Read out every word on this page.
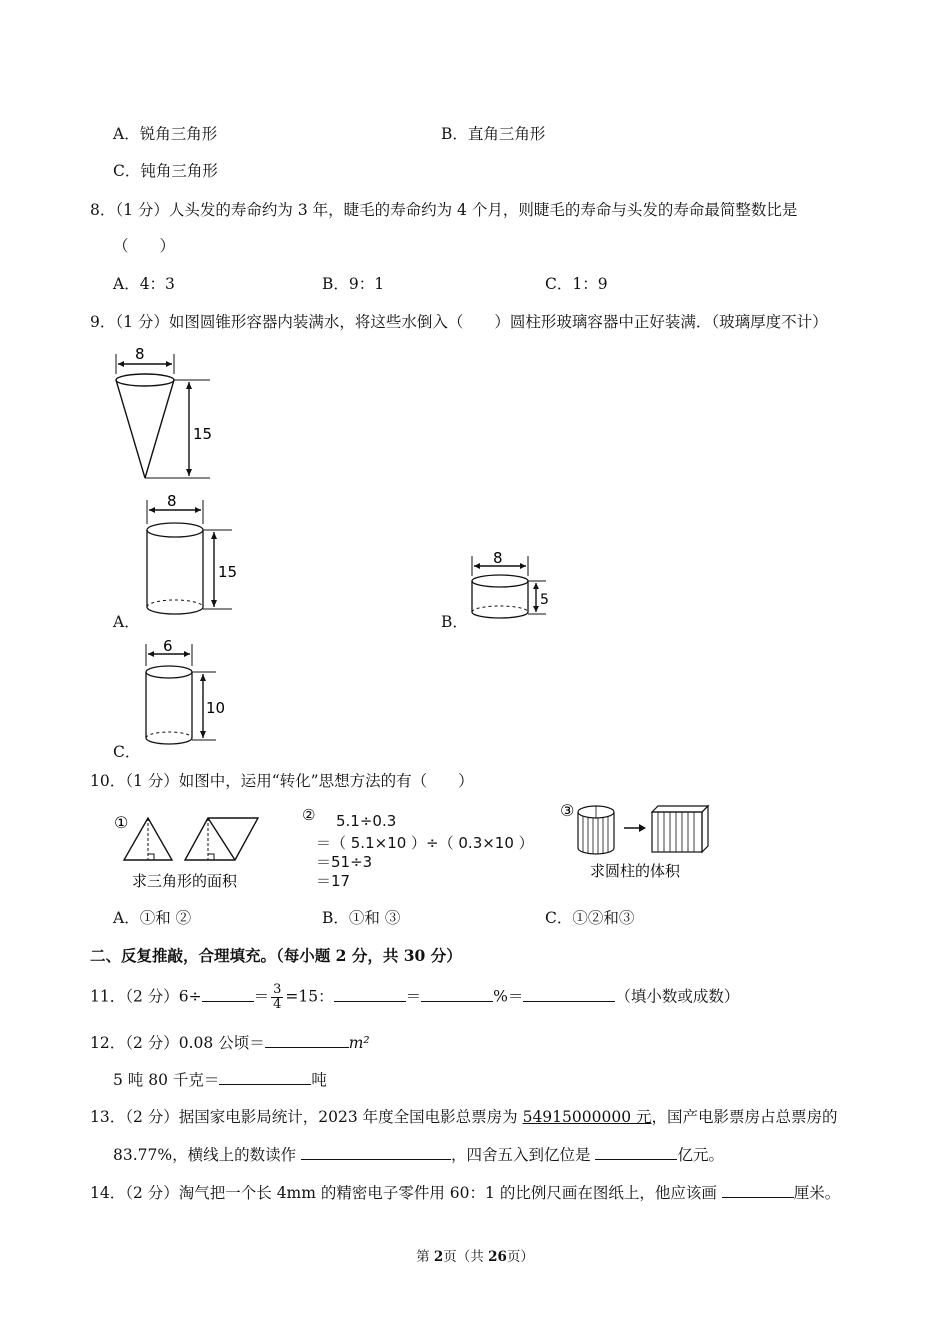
A．锐角三角形	B．直角三角形
C．钝角三角形
8．（1 分）人头发的寿命约为 3 年，睫毛的寿命约为 4 个月，则睫毛的寿命与头发的寿命最简整数比是
（　　）
A．4：3	B．9：1	C．1：9
9．（1 分）如图圆锥形容器内装满水，将这些水倒入（　　）圆柱形玻璃容器中正好装满．（玻璃厚度不计）
8
15
A．
8
15
B．
8
5
C．
6
10
10．（1 分）如图中，运用“转化”思想方法的有（　　）
①
求三角形的面积
② 5.1÷0.3
＝（ 5.1×10 ）÷（ 0.3×10 ）
＝51÷3
＝17
③
求圆柱的体积
A．①和 ②	B．①和 ③	C．①②和③
二、反复推敲，合理填充。（每小题 2 分，共 30 分）
11．（2 分）6÷	＝ $\frac{3}{4} =15$：	＝	%＝	（填小数或成数）
12．（2 分）0.08 公顷＝	m²
5 吨 80 千克＝	吨
13．（2 分）据国家电影局统计，2023 年度全国电影总票房为 54915000000 元，国产电影票房占总票房的
83.77%，横线上的数读作	，四舍五入到亿位是	亿元。
14．（2 分）淘气把一个长 4mm 的精密电子零件用 60：1 的比例尺画在图纸上，他应该画	厘米。
第 2页（共 26页）
